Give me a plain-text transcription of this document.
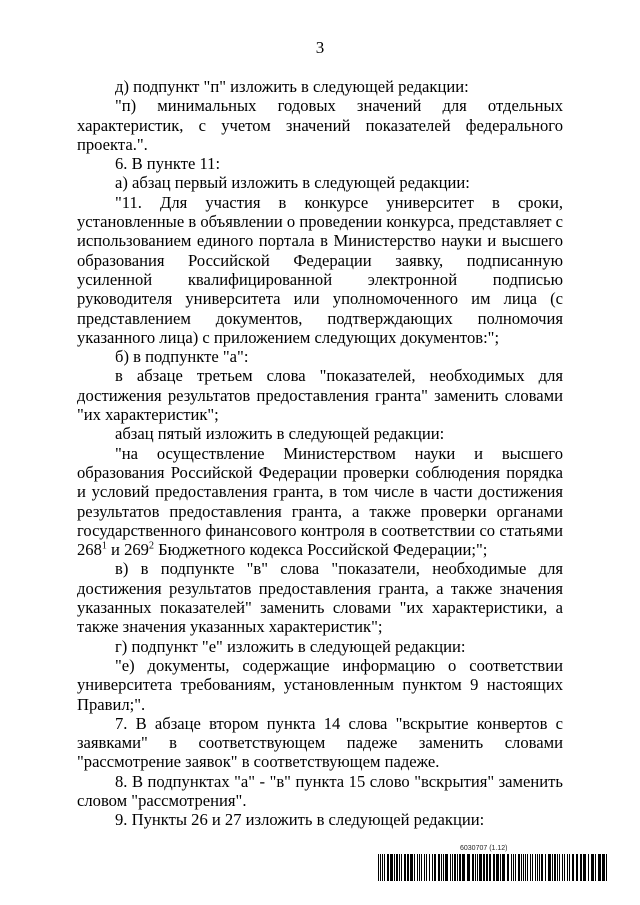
3

д) подпункт "п" изложить в следующей редакции:

"п) минимальных годовых значений для отдельных характеристик, с учетом значений показателей федерального проекта.".

6. В пункте 11:

а) абзац первый изложить в следующей редакции:

"11. Для участия в конкурсе университет в сроки, установленные в объявлении о проведении конкурса, представляет с использованием единого портала в Министерство науки и высшего образования Российской Федерации заявку, подписанную усиленной квалифицированной электронной подписью руководителя университета или уполномоченного им лица (с представлением документов, подтверждающих полномочия указанного лица) с приложением следующих документов:";

б) в подпункте "а":

в абзаце третьем слова "показателей, необходимых для достижения результатов предоставления гранта" заменить словами "их характеристик";

абзац пятый изложить в следующей редакции:

"на осуществление Министерством науки и высшего образования Российской Федерации проверки соблюдения порядка и условий предоставления гранта, в том числе в части достижения результатов предоставления гранта, а также проверки органами государственного финансового контроля в соответствии со статьями $268^1$ и $269^2$ Бюджетного кодекса Российской Федерации;";

в) в подпункте "в" слова "показатели, необходимые для достижения результатов предоставления гранта, а также значения указанных показателей" заменить словами "их характеристики, а также значения указанных характеристик";

г) подпункт "е" изложить в следующей редакции:

"е) документы, содержащие информацию о соответствии университета требованиям, установленным пунктом 9 настоящих Правил;".

7. В абзаце втором пункта 14 слова "вскрытие конвертов с заявками" в соответствующем падеже заменить словами "рассмотрение заявок" в соответствующем падеже.

8. В подпунктах "а" - "в" пункта 15 слово "вскрытия" заменить словом "рассмотрения".

9. Пункты 26 и 27 изложить в следующей редакции:

6030707 (1.12)
